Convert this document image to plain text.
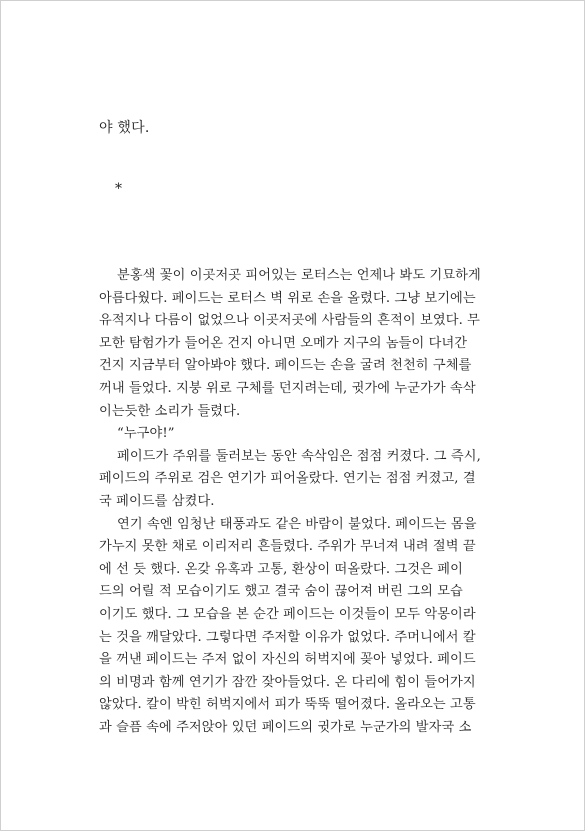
야 했다.
*
분홍색 꽃이 이곳저곳 피어있는 로터스는 언제나 봐도 기묘하게
아름다웠다. 페이드는 로터스 벽 위로 손을 올렸다. 그냥 보기에는
유적지나 다름이 없었으나 이곳저곳에 사람들의 흔적이 보였다. 무
모한 탐험가가 들어온 건지 아니면 오메가 지구의 놈들이 다녀간
건지 지금부터 알아봐야 했다. 페이드는 손을 굴려 천천히 구체를
꺼내 들었다. 지붕 위로 구체를 던지려는데, 귓가에 누군가가 속삭
이는듯한 소리가 들렸다.
“누구야!”
페이드가 주위를 둘러보는 동안 속삭임은 점점 커졌다. 그 즉시,
페이드의 주위로 검은 연기가 피어올랐다. 연기는 점점 커졌고, 결
국 페이드를 삼켰다.
연기 속엔 임청난 태풍과도 같은 바람이 불었다. 페이드는 몸을
가누지 못한 채로 이리저리 흔들렸다. 주위가 무너져 내려 절벽 끝
에 선 듯 했다. 온갖 유혹과 고통, 환상이 떠올랐다. 그것은 페이
드의 어릴 적 모습이기도 했고 결국 숨이 끊어져 버린 그의 모습
이기도 했다. 그 모습을 본 순간 페이드는 이것들이 모두 악몽이라
는 것을 깨달았다. 그렇다면 주저할 이유가 없었다. 주머니에서 칼
을 꺼낸 페이드는 주저 없이 자신의 허벅지에 꽂아 넣었다. 페이드
의 비명과 함께 연기가 잠깐 잦아들었다. 온 다리에 힘이 들어가지
않았다. 칼이 박힌 허벅지에서 피가 뚝뚝 떨어졌다. 올라오는 고통
과 슬픔 속에 주저앉아 있던 페이드의 귓가로 누군가의 발자국 소
